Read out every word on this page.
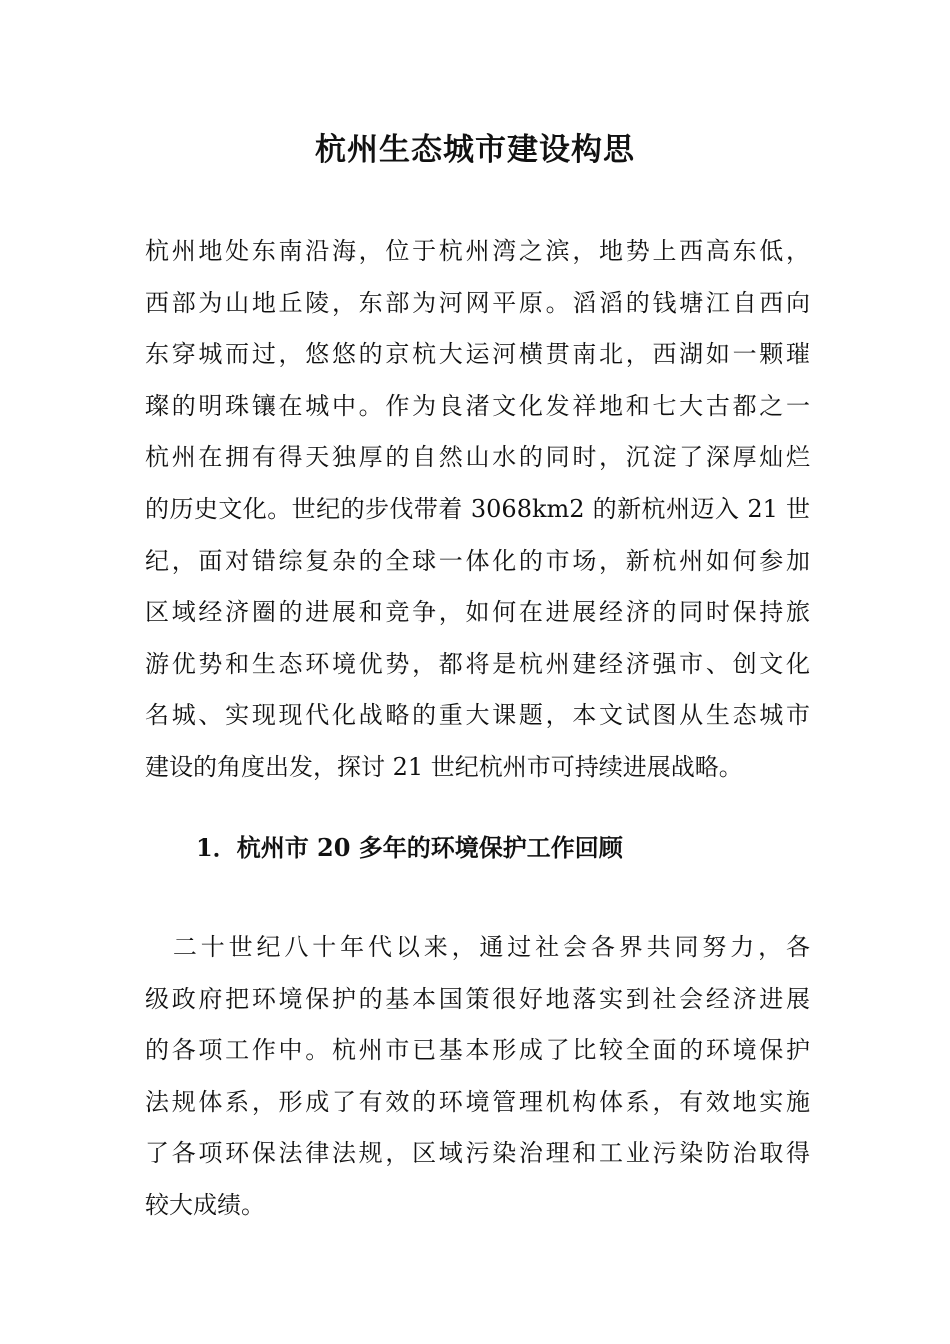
杭州生态城市建设构思

杭州地处东南沿海，位于杭州湾之滨，地势上西高东低，
西部为山地丘陵，东部为河网平原。滔滔的钱塘江自西向
东穿城而过，悠悠的京杭大运河横贯南北，西湖如一颗璀
璨的明珠镶在城中。作为良渚文化发祥地和七大古都之一
杭州在拥有得天独厚的自然山水的同时，沉淀了深厚灿烂
的历史文化。世纪的步伐带着 3068km2 的新杭州迈入 21 世
纪，面对错综复杂的全球一体化的市场，新杭州如何参加
区域经济圈的进展和竞争，如何在进展经济的同时保持旅
游优势和生态环境优势，都将是杭州建经济强市、创文化
名城、实现现代化战略的重大课题，本文试图从生态城市
建设的角度出发，探讨 21 世纪杭州市可持续进展战略。

1．杭州市 20 多年的环境保护工作回顾

　二十世纪八十年代以来，通过社会各界共同努力，各
级政府把环境保护的基本国策很好地落实到社会经济进展
的各项工作中。杭州市已基本形成了比较全面的环境保护
法规体系，形成了有效的环境管理机构体系，有效地实施
了各项环保法律法规，区域污染治理和工业污染防治取得
较大成绩。
